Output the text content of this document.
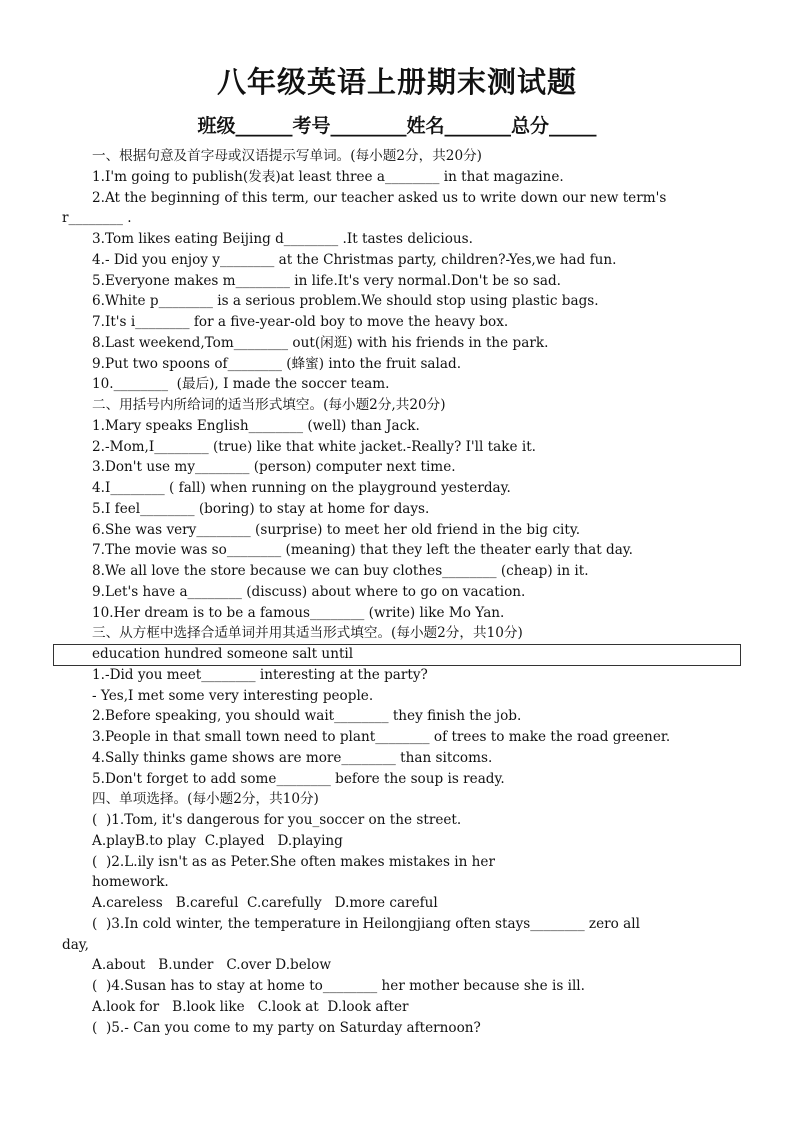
八年级英语上册期末测试题
班级______考号________姓名_______总分_____
一、根据句意及首字母或汉语提示写单词。(每小题2分，共20分)
1.I'm going to publish(发表)at least three a________ in that magazine.
2.At the beginning of this term, our teacher asked us to write down our new term's
r________ .
3.Tom likes eating Beijing d________ .It tastes delicious.
4.- Did you enjoy y________ at the Christmas party, children?-Yes,we had fun.
5.Everyone makes m________ in life.It's very normal.Don't be so sad.
6.White p________ is a serious problem.We should stop using plastic bags.
7.It's i________ for a five-year-old boy to move the heavy box.
8.Last weekend,Tom________ out(闲逛) with his friends in the park.
9.Put two spoons of________ (蜂蜜) into the fruit salad.
10.________  (最后), I made the soccer team.
二、用括号内所给词的适当形式填空。(每小题2分,共20分)
1.Mary speaks English________ (well) than Jack.
2.-Mom,I________ (true) like that white jacket.-Really? I'll take it.
3.Don't use my________ (person) computer next time.
4.I________ ( fall) when running on the playground yesterday.
5.I feel________ (boring) to stay at home for days.
6.She was very________ (surprise) to meet her old friend in the big city.
7.The movie was so________ (meaning) that they left the theater early that day.
8.We all love the store because we can buy clothes________ (cheap) in it.
9.Let's have a________ (discuss) about where to go on vacation.
10.Her dream is to be a famous________ (write) like Mo Yan.
三、从方框中选择合适单词并用其适当形式填空。(每小题2分，共10分)
education hundred someone salt until
1.-Did you meet________ interesting at the party?
- Yes,I met some very interesting people.
2.Before speaking, you should wait________ they finish the job.
3.People in that small town need to plant________ of trees to make the road greener.
4.Sally thinks game shows are more________ than sitcoms.
5.Don't forget to add some________ before the soup is ready.
四、单项选择。(每小题2分，共10分)
(  )1.Tom, it's dangerous for you_soccer on the street.
A.playB.to play  C.played   D.playing
(  )2.L.ily isn't as as Peter.She often makes mistakes in her
homework.
A.careless   B.careful  C.carefully   D.more careful
(  )3.In cold winter, the temperature in Heilongjiang often stays________ zero all
day,
A.about   B.under   C.over D.below
(  )4.Susan has to stay at home to________ her mother because she is ill.
A.look for   B.look like   C.look at  D.look after
(  )5.- Can you come to my party on Saturday afternoon?
